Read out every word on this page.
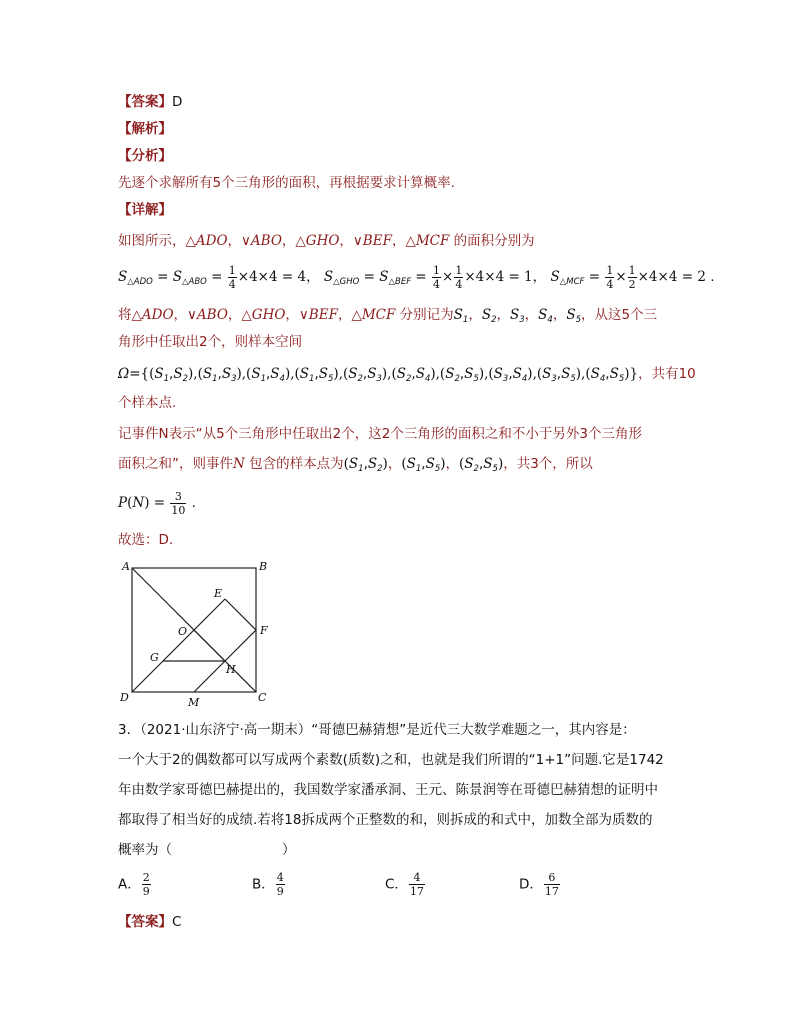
【答案】D
【解析】
【分析】
先逐个求解所有5个三角形的面积，再根据要求计算概率.
【详解】
如图所示，△ADO，∨ABO，△GHO，∨BEF，△MCF 的面积分别为
$S_{\triangle ADO} = S_{\triangle ABO} = \frac{1}{4} \times 4\times 4 = 4$， $S_{\triangle GHO} = S_{\triangle BEF} = \frac{1}{4} \times \frac{1}{4} \times 4\times 4 = 1$， $S_{\triangle MCF} = \frac{1}{4} \times \frac{1}{2} \times 4\times 4 = 2$ .
将△ADO，∨ABO，△GHO，∨BEF，△MCF 分别记为$S_1$，$S_2$，$S_3$，$S_4$，$S_5$，从这5个三
角形中任取出2个，则样本空间
$\Omega=\{(S_1,S_2),(S_1,S_3),(S_1,S_4),(S_1,S_5),(S_2,S_3),(S_2,S_4),(S_2,S_5),(S_3,S_4),(S_3,S_5),(S_4,S_5)\}$，共有10
个样本点.
记事件N表示“从5个三角形中任取出2个，这2个三角形的面积之和不小于另外3个三角形
面积之和”，则事件N 包含的样本点为$(S_1,S_2)$，$(S_1,S_5)$，$(S_2,S_5)$，共3个，所以
$P(N) = \frac{3}{10}$ .
故选：D.
A	B
E
O	F
G
H
D	M	C
3．（2021·山东济宁·高一期末）“哥德巴赫猜想”是近代三大数学难题之一，其内容是：
一个大于2的偶数都可以写成两个素数(质数)之和，也就是我们所谓的“1+1”问题.它是1742
年由数学家哥德巴赫提出的，我国数学家潘承洞、王元、陈景润等在哥德巴赫猜想的证明中
都取得了相当好的成绩.若将18拆成两个正整数的和，则拆成的和式中，加数全部为质数的
概率为（	）
A． $\frac{2}{9}$	B． $\frac{4}{9}$	C． $\frac{4}{17}$	D． $\frac{6}{17}$
【答案】C
